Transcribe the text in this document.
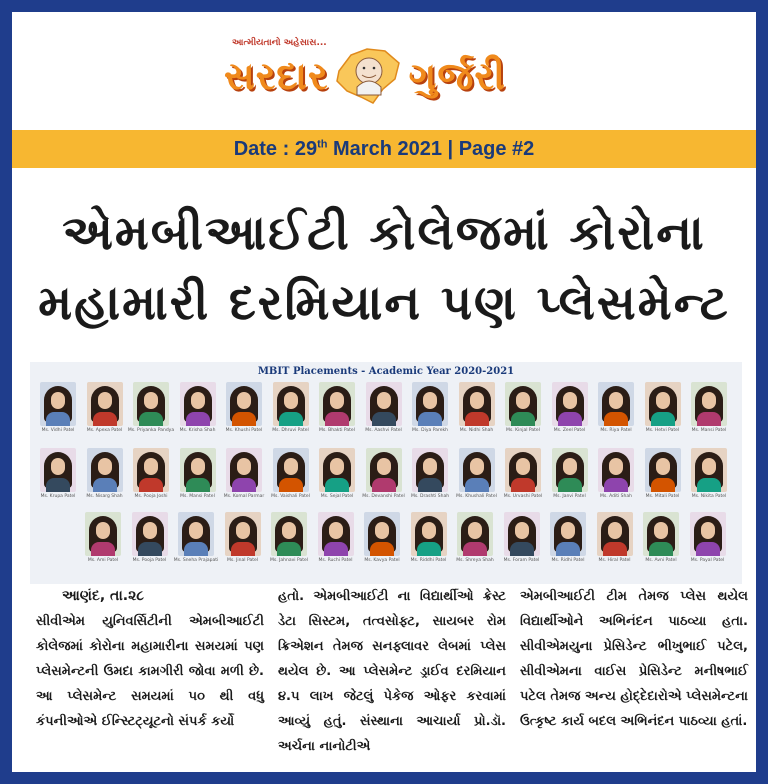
આત્મીયતાનો અહેસાસ...
સરદાર ગુર્જરી
Date : 29th March 2021 | Page #2
એમબીઆઈટી કોલેજમાં કોરોના
મહામારી દરમિયાન પણ પ્લેસમેન્ટ
MBIT Placements - Academic Year 2020-2021
Ms. Vidhi Patel	Ms. Apexa Patel	Ms. Priyanka Pandya	Ms. Krisha Shah	Ms. Khushi Patel	Ms. Dhruvi Patel	Ms. Bhakti Patel	Ms. Aashvi Patel	Ms. Diya Parekh	Ms. Nidhi Shah	Ms. Kinjal Patel	Ms. Zeel Patel	Ms. Riya Patel	Ms. Hetvi Patel	Ms. Mansi Patel
Ms. Krupa Patel	Ms. Nisarg Shah	Ms. Pooja Joshi	Ms. Mansi Patel	Ms. Komal Parmar	Ms. Vaishali Patel	Ms. Sejal Patel	Ms. Devanshi Patel	Ms. Drashti Shah	Ms. Khushali Patel	Ms. Urvashi Patel	Ms. Janvi Patel	Ms. Aditi Shah	Ms. Mitali Patel	Ms. Nikita Patel
Ms. Ami Patel	Ms. Pooja Patel	Ms. Sneha Prajapati	Ms. Jinal Patel	Ms. Jahnavi Patel	Ms. Ruchi Patel	Ms. Kavya Patel	Ms. Riddhi Patel	Ms. Shreya Shah	Ms. Foram Patel	Ms. Ridhi Patel	Ms. Hiral Patel	Ms. Avni Patel	Ms. Payal Patel
આણંદ, તા.૨૮
સીવીએમ યુનિવર્સિટીની એમબીઆઈટી કોલેજમાં કોરોના મહામારીના સમયમાં પણ પ્લેસમેન્ટની ઉમદા કામગીરી જોવા મળી છે. આ પ્લેસમેન્ટ સમયમાં ૫૦ થી વધુ કંપનીઓએ ઈન્સ્ટિટ્યૂટનો સંપર્ક કર્યો
હતો. એમબીઆઈટી ના વિદ્યાર્થીઓ ક્રેસ્ટ ડેટા સિસ્ટમ, તત્વસોફ્ટ, સાયબર રોમ ક્રિએશન તેમજ સનફ્લાવર લેબમાં પ્લેસ થયેલ છે. આ પ્લેસમેન્ટ ડ્રાઈવ દરમિયાન ૪.૫ લાખ જેટલું પેકેજ ઓફર કરવામાં આવ્યું હતું. સંસ્થાના આચાર્યા પ્રો.ડૉ. અર્ચના નાનોટીએ
એમબીઆઈટી ટીમ તેમજ પ્લેસ થયેલ વિદ્યાર્થીઓને અભિનંદન પાઠવ્યા હતા. સીવીએમયુના પ્રેસિડેન્ટ ભીખુભાઈ પટેલ, સીવીએમના વાઈસ પ્રેસિડેન્ટ મનીષભાઈ પટેલ તેમજ અન્ય હોદ્દેદારોએ પ્લેસમેન્ટના ઉત્કૃષ્ટ કાર્ય બદલ અભિનંદન પાઠવ્યા હતાં.
